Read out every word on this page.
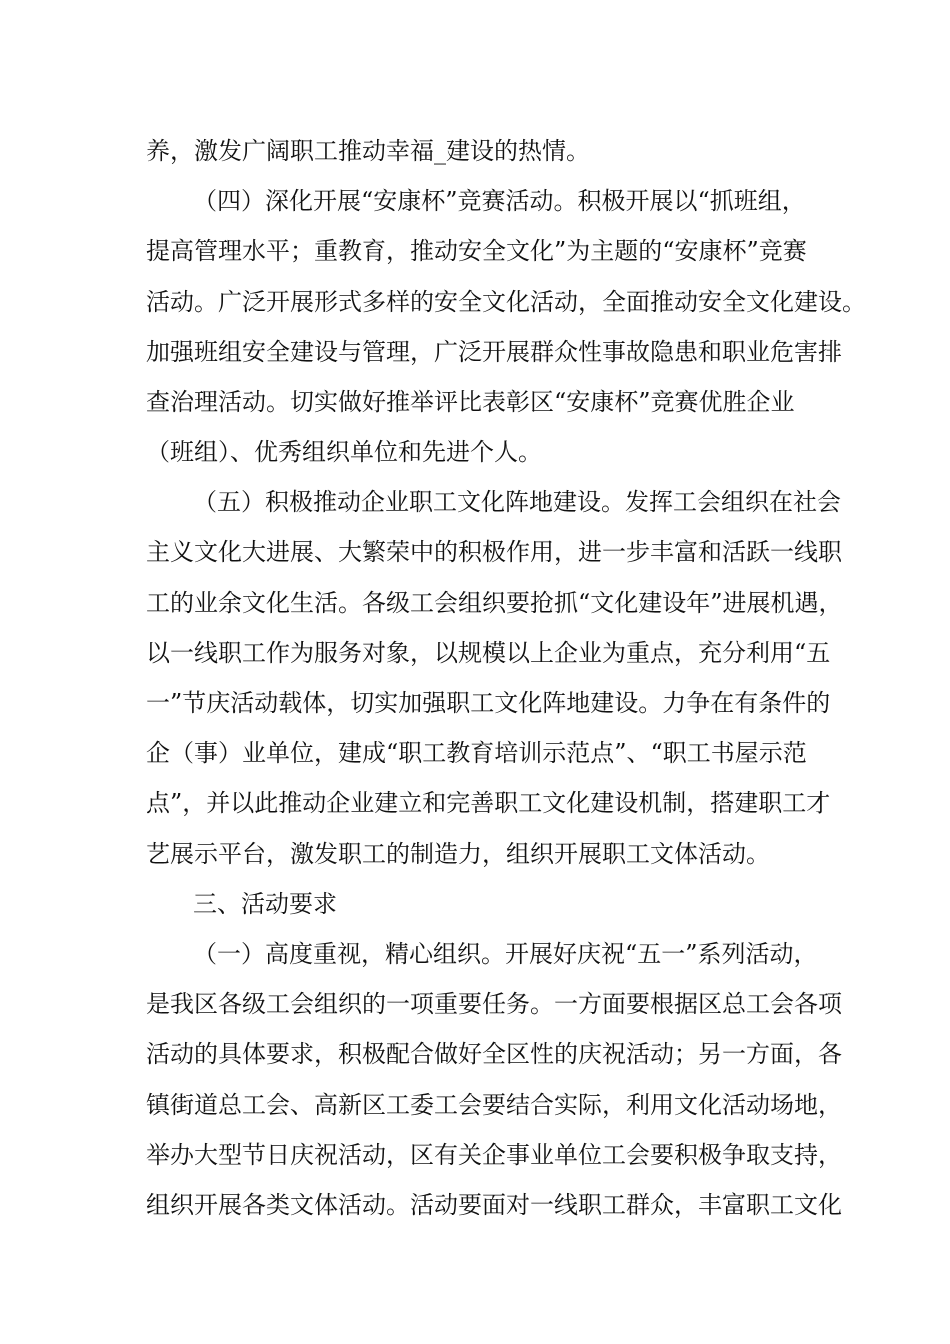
养，激发广阔职工推动幸福_建设的热情。
（四）深化开展“安康杯”竞赛活动。积极开展以“抓班组，
提高管理水平；重教育，推动安全文化”为主题的“安康杯”竞赛
活动。广泛开展形式多样的安全文化活动，全面推动安全文化建设。
加强班组安全建设与管理，广泛开展群众性事故隐患和职业危害排
查治理活动。切实做好推举评比表彰区“安康杯”竞赛优胜企业
（班组）、优秀组织单位和先进个人。
（五）积极推动企业职工文化阵地建设。发挥工会组织在社会
主义文化大进展、大繁荣中的积极作用，进一步丰富和活跃一线职
工的业余文化生活。各级工会组织要抢抓“文化建设年”进展机遇，
以一线职工作为服务对象，以规模以上企业为重点，充分利用“五
一”节庆活动载体，切实加强职工文化阵地建设。力争在有条件的
企（事）业单位，建成“职工教育培训示范点”、“职工书屋示范
点”，并以此推动企业建立和完善职工文化建设机制，搭建职工才
艺展示平台，激发职工的制造力，组织开展职工文体活动。
三、活动要求
（一）高度重视，精心组织。开展好庆祝“五一”系列活动，
是我区各级工会组织的一项重要任务。一方面要根据区总工会各项
活动的具体要求，积极配合做好全区性的庆祝活动；另一方面，各
镇街道总工会、高新区工委工会要结合实际，利用文化活动场地，
举办大型节日庆祝活动，区有关企事业单位工会要积极争取支持，
组织开展各类文体活动。活动要面对一线职工群众，丰富职工文化
